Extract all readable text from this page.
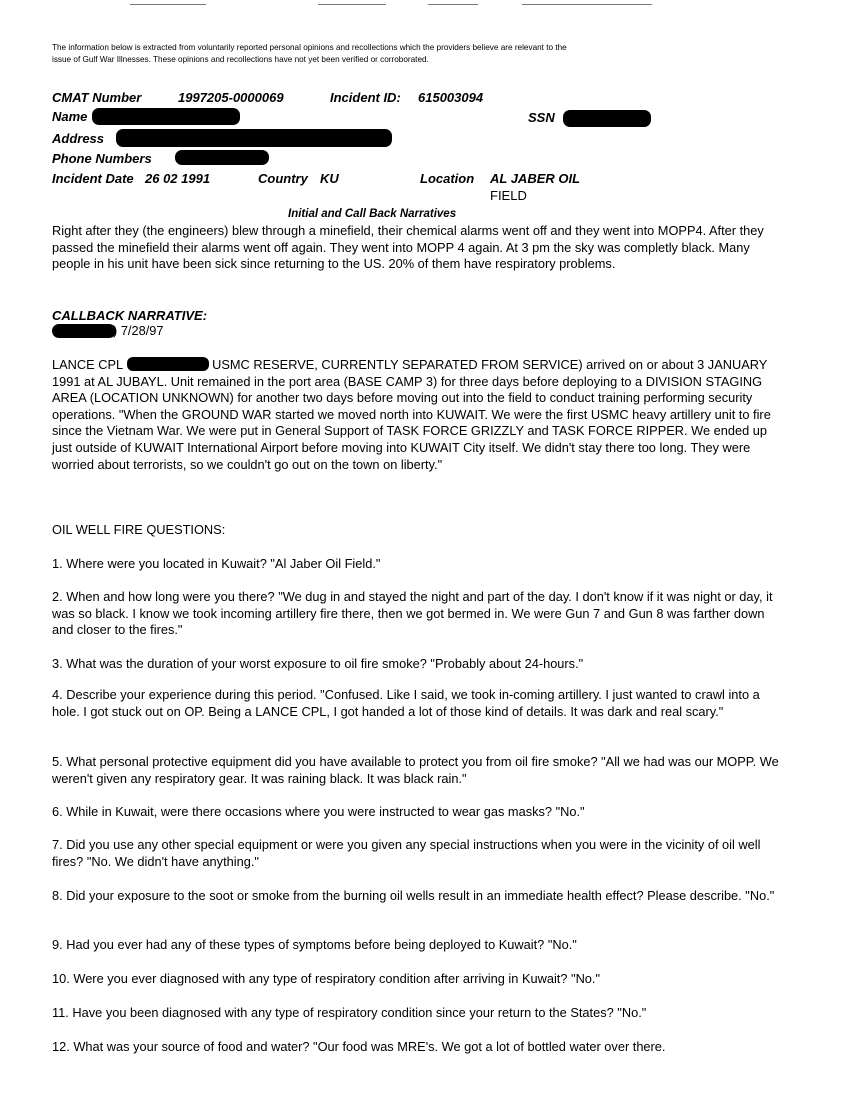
The information below is extracted from voluntarily reported personal opinions and recollections which the providers believe are relevant to the issue of Gulf War Illnesses. These opinions and recollections have not yet been verified or corroborated.
CMAT Number	1997205-0000069	Incident ID: 615003094
Name	SSN
Address
Phone Numbers
Incident Date 26 02 1991	Country KU	Location AL JABER OIL
FIELD
Initial and Call Back Narratives
Right after they (the engineers) blew through a minefield, their chemical alarms went off and they went into MOPP4. After they passed the minefield their alarms went off again. They went into MOPP 4 again. At 3 pm the sky was completly black. Many people in his unit have been sick since returning to the US. 20% of them have respiratory problems.
CALLBACK NARRATIVE:
) 7/28/97

LANCE CPL	USMC RESERVE, CURRENTLY SEPARATED FROM SERVICE) arrived on or about 3 JANUARY 1991 at AL JUBAYL. Unit remained in the port area (BASE CAMP 3) for three days before deploying to a DIVISION STAGING AREA (LOCATION UNKNOWN) for another two days before moving out into the field to conduct training performing security operations. "When the GROUND WAR started we moved north into KUWAIT. We were the first USMC heavy artillery unit to fire since the Vietnam War. We were put in General Support of TASK FORCE GRIZZLY and TASK FORCE RIPPER. We ended up just outside of KUWAIT International Airport before moving into KUWAIT City itself. We didn't stay there too long. They were worried about terrorists, so we couldn't go out on the town on liberty."

OIL WELL FIRE QUESTIONS:
1. Where were you located in Kuwait? "Al Jaber Oil Field."
2. When and how long were you there? "We dug in and stayed the night and part of the day. I don't know if it was night or day, it was so black. I know we took incoming artillery fire there, then we got bermed in. We were Gun 7 and Gun 8 was farther down and closer to the fires."
3. What was the duration of your worst exposure to oil fire smoke? "Probably about 24-hours."
4. Describe your experience during this period. "Confused. Like I said, we took in-coming artillery. I just wanted to crawl into a hole. I got stuck out on OP. Being a LANCE CPL, I got handed a lot of those kind of details. It was dark and real scary."
5. What personal protective equipment did you have available to protect you from oil fire smoke? "All we had was our MOPP. We weren't given any respiratory gear. It was raining black. It was black rain."
6. While in Kuwait, were there occasions where you were instructed to wear gas masks? "No."
7. Did you use any other special equipment or were you given any special instructions when you were in the vicinity of oil well fires? "No. We didn't have anything."
8. Did your exposure to the soot or smoke from the burning oil wells result in an immediate health effect? Please describe. "No."
9. Had you ever had any of these types of symptoms before being deployed to Kuwait? "No."
10. Were you ever diagnosed with any type of respiratory condition after arriving in Kuwait? "No."
11. Have you been diagnosed with any type of respiratory condition since your return to the States? "No."
12. What was your source of food and water? "Our food was MRE's. We got a lot of bottled water over there.
